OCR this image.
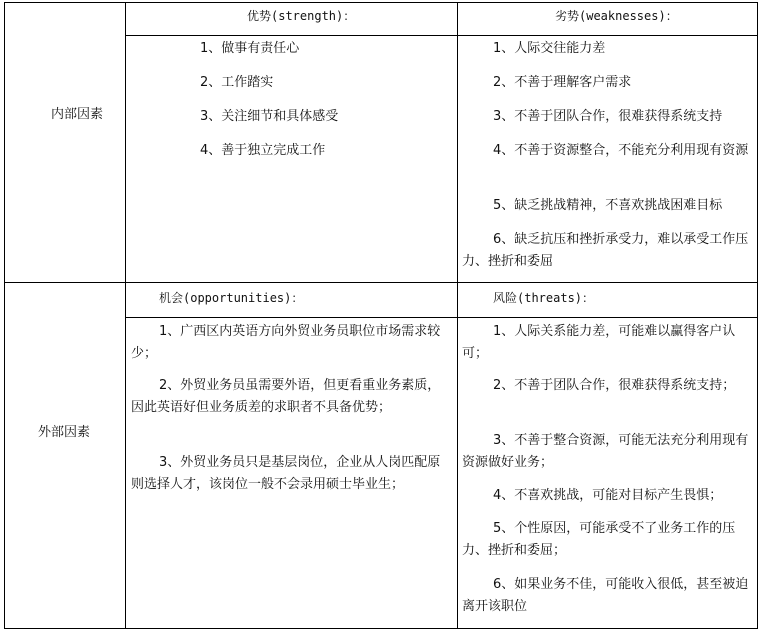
内部因素
外部因素
优势(strength)：	劣势(weaknesses)：
机会(opportunities)：	风险(threats)：
1、做事有责任心
2、工作踏实
3、关注细节和具体感受
4、善于独立完成工作
1、人际交往能力差
2、不善于理解客户需求
3、不善于团队合作，很难获得系统支持
4、不善于资源整合，不能充分利用现有资源
5、缺乏挑战精神，不喜欢挑战困难目标
6、缺乏抗压和挫折承受力，难以承受工作压力、挫折和委屈
1、广西区内英语方向外贸业务员职位市场需求较少；
2、外贸业务员虽需要外语，但更看重业务素质，因此英语好但业务质差的求职者不具备优势；
3、外贸业务员只是基层岗位，企业从人岗匹配原则选择人才，该岗位一般不会录用硕士毕业生；
1、人际关系能力差，可能难以赢得客户认可；
2、不善于团队合作，很难获得系统支持；
3、不善于整合资源，可能无法充分利用现有资源做好业务；
4、不喜欢挑战，可能对目标产生畏惧；
5、个性原因，可能承受不了业务工作的压力、挫折和委屈；
6、如果业务不佳，可能收入很低，甚至被迫离开该职位
